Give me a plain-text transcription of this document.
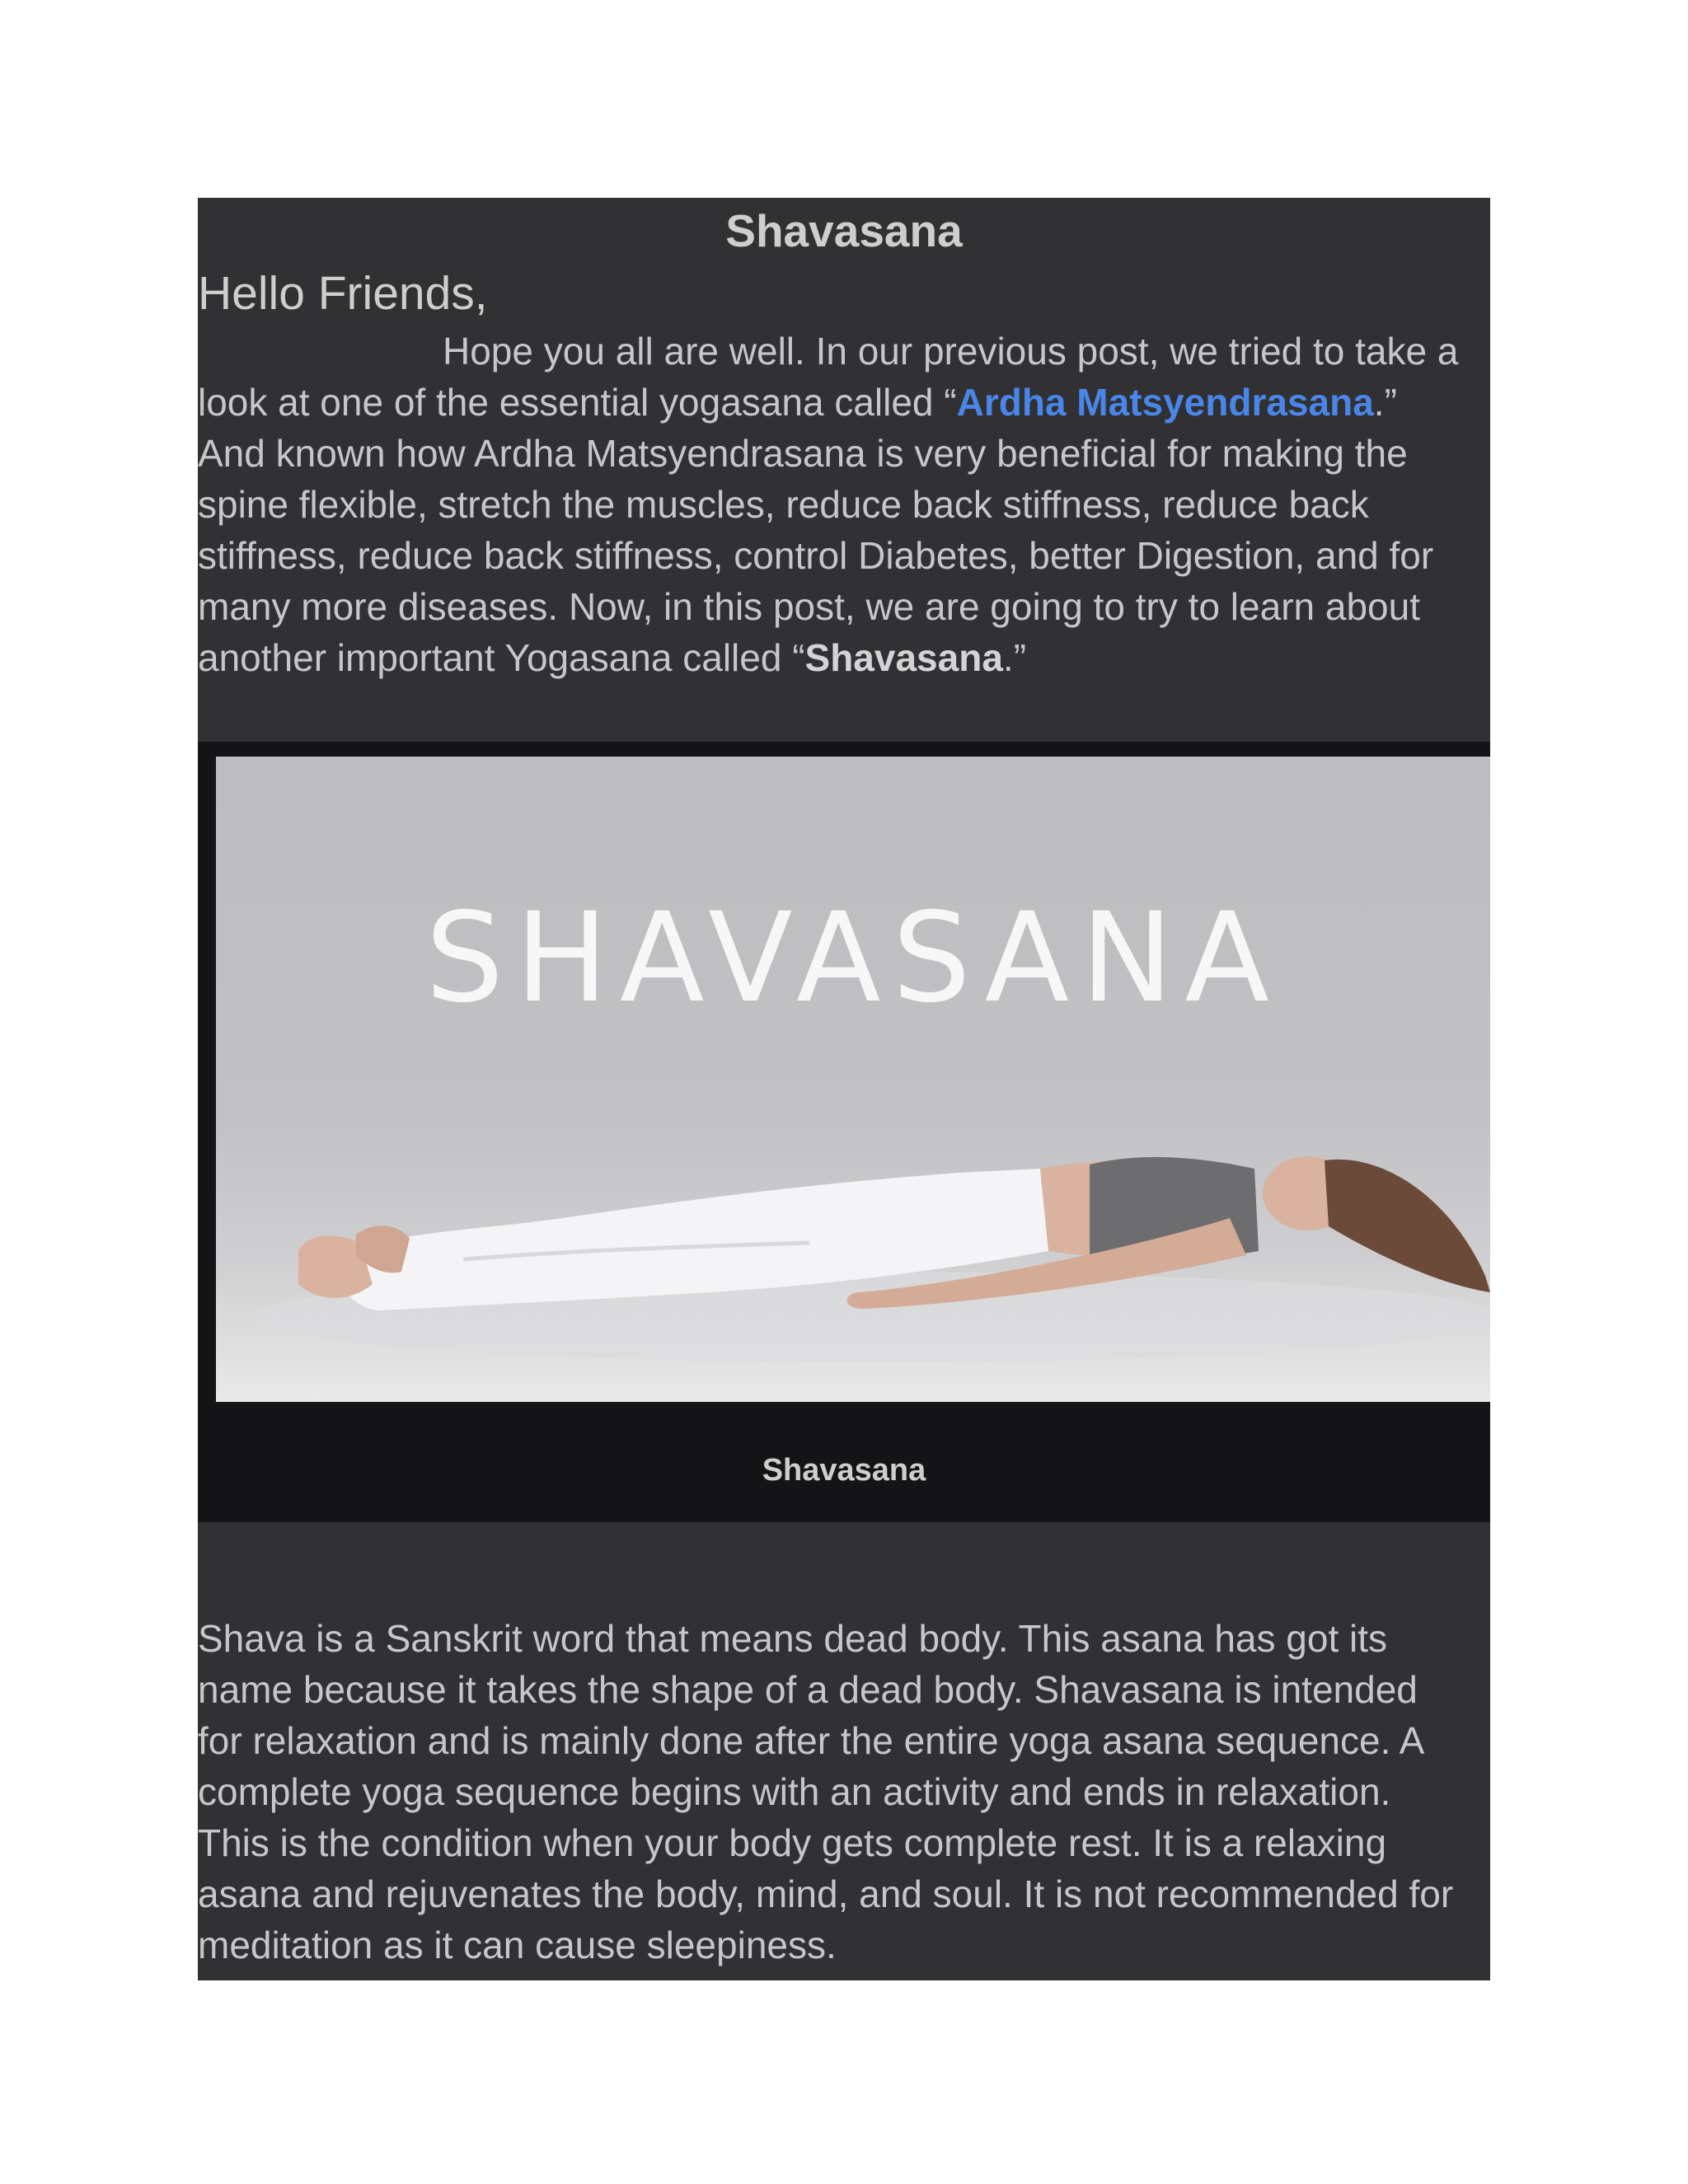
Shavasana
Hello Friends,
Hope you all are well. In our previous post, we tried to take a
look at one of the essential yogasana called “Ardha Matsyendrasana.”
And known how Ardha Matsyendrasana is very beneficial for making the
spine flexible, stretch the muscles, reduce back stiffness, reduce back
stiffness, reduce back stiffness, control Diabetes, better Digestion, and for
many more diseases. Now, in this post, we are going to try to learn about
another important Yogasana called “Shavasana.”
SHAVASANA
Shavasana
Shava is a Sanskrit word that means dead body. This asana has got its
name because it takes the shape of a dead body. Shavasana is intended
for relaxation and is mainly done after the entire yoga asana sequence. A
complete yoga sequence begins with an activity and ends in relaxation.
This is the condition when your body gets complete rest. It is a relaxing
asana and rejuvenates the body, mind, and soul. It is not recommended for
meditation as it can cause sleepiness.
